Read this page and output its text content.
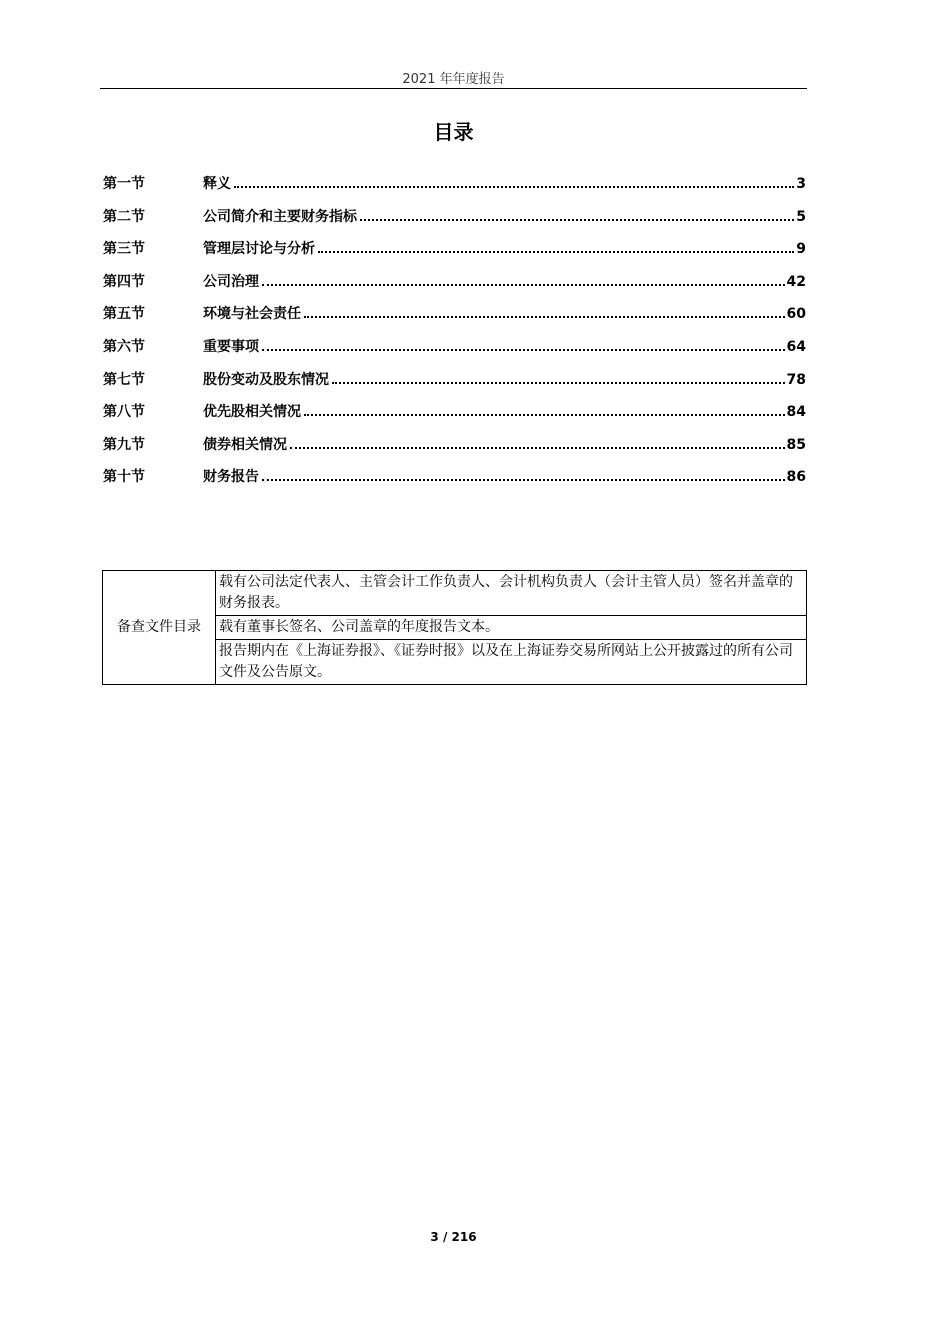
2021 年年度报告
目录
第一节	释义	3
第二节	公司简介和主要财务指标	5
第三节	管理层讨论与分析	9
第四节	公司治理	42
第五节	环境与社会责任	60
第六节	重要事项	64
第七节	股份变动及股东情况	78
第八节	优先股相关情况	84
第九节	债券相关情况	85
第十节	财务报告	86
备查文件目录	载有公司法定代表人、主管会计工作负责人、会计机构负责人（会计主管人员）签名并盖章的财务报表。
载有董事长签名、公司盖章的年度报告文本。
报告期内在《上海证券报》、《证券时报》以及在上海证券交易所网站上公开披露过的所有公司文件及公告原文。
3 / 216
